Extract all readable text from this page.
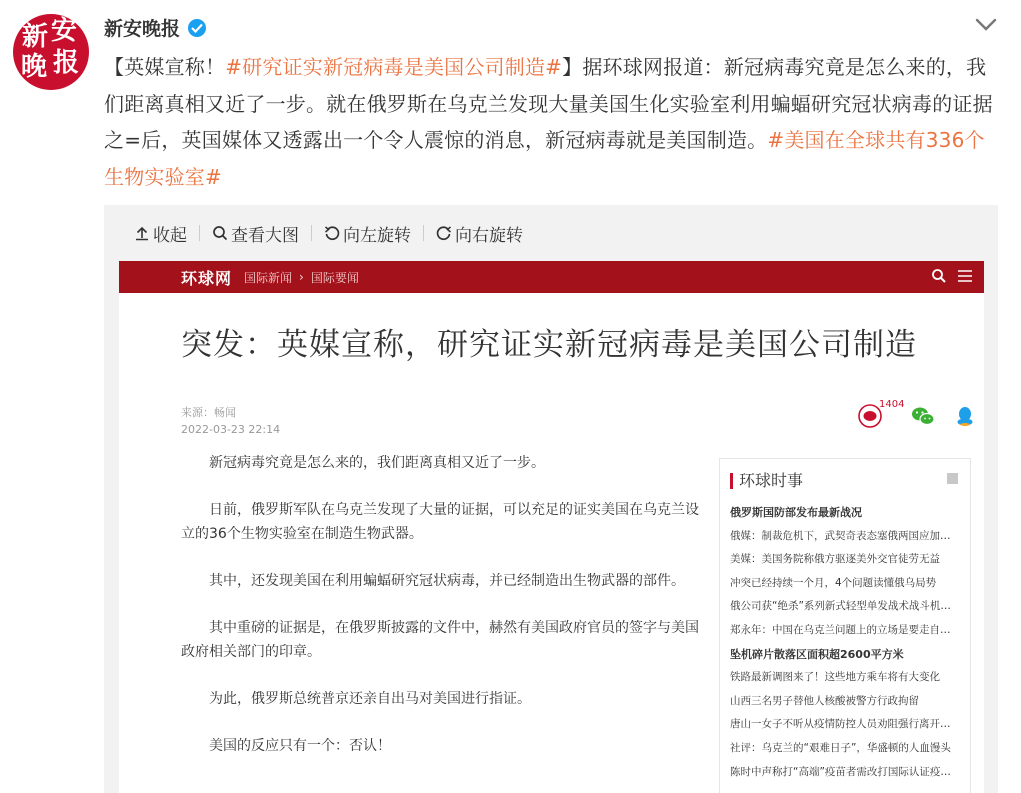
新 安
晚 报
新安晚报
【英媒宣称！#研究证实新冠病毒是美国公司制造#】据环球网报道：新冠病毒究竟是怎么来的，我们距离真相又近了一步。就在俄罗斯在乌克兰发现大量美国生化实验室利用蝙蝠研究冠状病毒的证据之=后，英国媒体又透露出一个令人震惊的消息，新冠病毒就是美国制造。#美国在全球共有336个生物实验室#
收起	查看大图	向左旋转	向右旋转
环球网 国际新闻 › 国际要闻
突发：英媒宣称，研究证实新冠病毒是美国公司制造
来源：畅闻
2022-03-23 22:14
1404

新冠病毒究竟是怎么来的，我们距离真相又近了一步。

日前，俄罗斯军队在乌克兰发现了大量的证据，可以充足的证实美国在乌克兰设立的36个生物实验室在制造生物武器。

其中，还发现美国在利用蝙蝠研究冠状病毒，并已经制造出生物武器的部件。

其中重磅的证据是，在俄罗斯披露的文件中，赫然有美国政府官员的签字与美国政府相关部门的印章。

为此，俄罗斯总统普京还亲自出马对美国进行指证。

美国的反应只有一个：否认！

环球时事
俄罗斯国防部发布最新战况
俄媒：制裁危机下，武契奇表态塞俄两国应加…
美媒：美国务院称俄方驱逐美外交官徒劳无益
冲突已经持续一个月，4个问题读懂俄乌局势
俄公司获“绝杀”系列新式轻型单发战术战斗机…
郑永年：中国在乌克兰问题上的立场是要走自…
坠机碎片散落区面积超2600平方米
铁路最新调图来了！这些地方乘车将有大变化
山西三名男子替他人核酸被警方行政拘留
唐山一女子不听从疫情防控人员劝阻强行离开…
社评：乌克兰的“艰难日子”，华盛顿的人血馒头
陈时中声称打“高端”疫苗者需改打国际认证疫…
